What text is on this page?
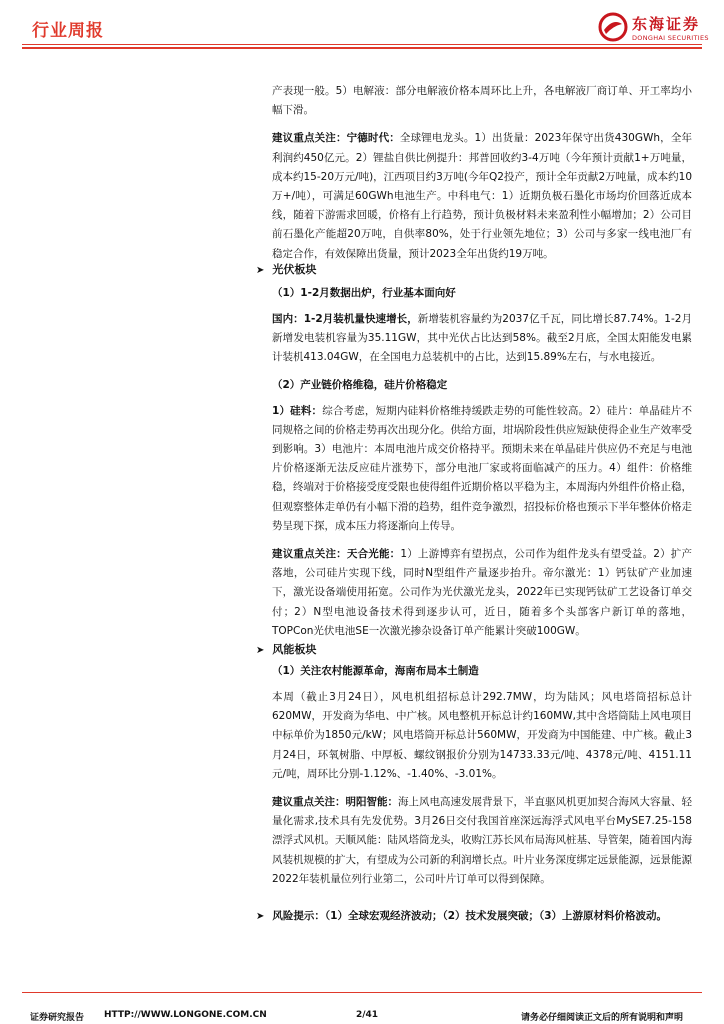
行业周报	东海证券
DONGHAI SECURITIES

产表现一般。5）电解液：部分电解液价格本周环比上升，各电解液厂商订单、开工率均小幅下滑。

建议重点关注：宁德时代：全球锂电龙头。1）出货量：2023年保守出货430GWh，全年利润约450亿元。2）锂盐自供比例提升：邦普回收约3-4万吨（今年预计贡献1+万吨量，成本约15-20万元/吨)，江西项目约3万吨(今年Q2投产，预计全年贡献2万吨量，成本约10万+/吨），可满足60GWh电池生产。中科电气：1）近期负极石墨化市场均价回落近成本线，随着下游需求回暖，价格有上行趋势，预计负极材料未来盈利性小幅增加；2）公司目前石墨化产能超20万吨，自供率80%，处于行业领先地位；3）公司与多家一线电池厂有稳定合作，有效保障出货量，预计2023全年出货约19万吨。

➤ 光伏板块

（1）1-2月数据出炉，行业基本面向好

国内：1-2月装机量快速增长，新增装机容量约为2037亿千瓦，同比增长87.74%。1-2月新增发电装机容量为35.11GW，其中光伏占比达到58%。截至2月底，全国太阳能发电累计装机413.04GW，在全国电力总装机中的占比，达到15.89%左右，与水电接近。

（2）产业链价格维稳，硅片价格稳定

1）硅料：综合考虑，短期内硅料价格维持缓跌走势的可能性较高。2）硅片：单晶硅片不同规格之间的价格走势再次出现分化。供给方面，坩埚阶段性供应短缺使得企业生产效率受到影响。3）电池片：本周电池片成交价格持平。预期未来在单晶硅片供应仍不充足与电池片价格逐渐无法反应硅片涨势下，部分电池厂家或将面临减产的压力。4）组件：价格维稳，终端对于价格接受度受限也使得组件近期价格以平稳为主，本周海内外组件价格止稳，但观察整体走单仍有小幅下滑的趋势，组件竞争激烈，招投标价格也预示下半年整体价格走势呈现下探，成本压力将逐渐向上传导。

建议重点关注：天合光能：1）上游博弈有望拐点，公司作为组件龙头有望受益。2）扩产落地，公司硅片实现下线，同时N型组件产量逐步抬升。帝尔激光：1）钙钛矿产业加速下，激光设备端使用拓宽。公司作为光伏激光龙头，2022年已实现钙钛矿工艺设备订单交付；2）N型电池设备技术得到逐步认可，近日，随着多个头部客户新订单的落地，TOPCon光伏电池SE一次激光掺杂设备订单产能累计突破100GW。

➤ 风能板块

（1）关注农村能源革命，海南布局本土制造

本周（截止3月24日），风电机组招标总计292.7MW，均为陆风；风电塔筒招标总计620MW，开发商为华电、中广核。风电整机开标总计约160MW,其中含塔筒陆上风电项目中标单价为1850元/kW；风电塔筒开标总计560MW，开发商为中国能建、中广核。截止3月24日，环氧树脂、中厚板、螺纹钢报价分别为14733.33元/吨、4378元/吨、4151.11元/吨，周环比分别-1.12%、-1.40%、-3.01%。

建议重点关注：明阳智能：海上风电高速发展背景下，半直驱风机更加契合海风大容量、轻量化需求,技术具有先发优势。3月26日交付我国首座深远海浮式风电平台MySE7.25-158漂浮式风机。天顺风能：陆风塔筒龙头，收购江苏长风布局海风桩基、导管架，随着国内海风装机规模的扩大，有望成为公司新的利润增长点。叶片业务深度绑定远景能源，远景能源2022年装机量位列行业第二，公司叶片订单可以得到保障。

➤ 风险提示：（1）全球宏观经济波动；（2）技术发展突破；（3）上游原材料价格波动。
证券研究报告 HTTP://WWW.LONGONE.COM.CN	2/41	请务必仔细阅读正文后的所有说明和声明
